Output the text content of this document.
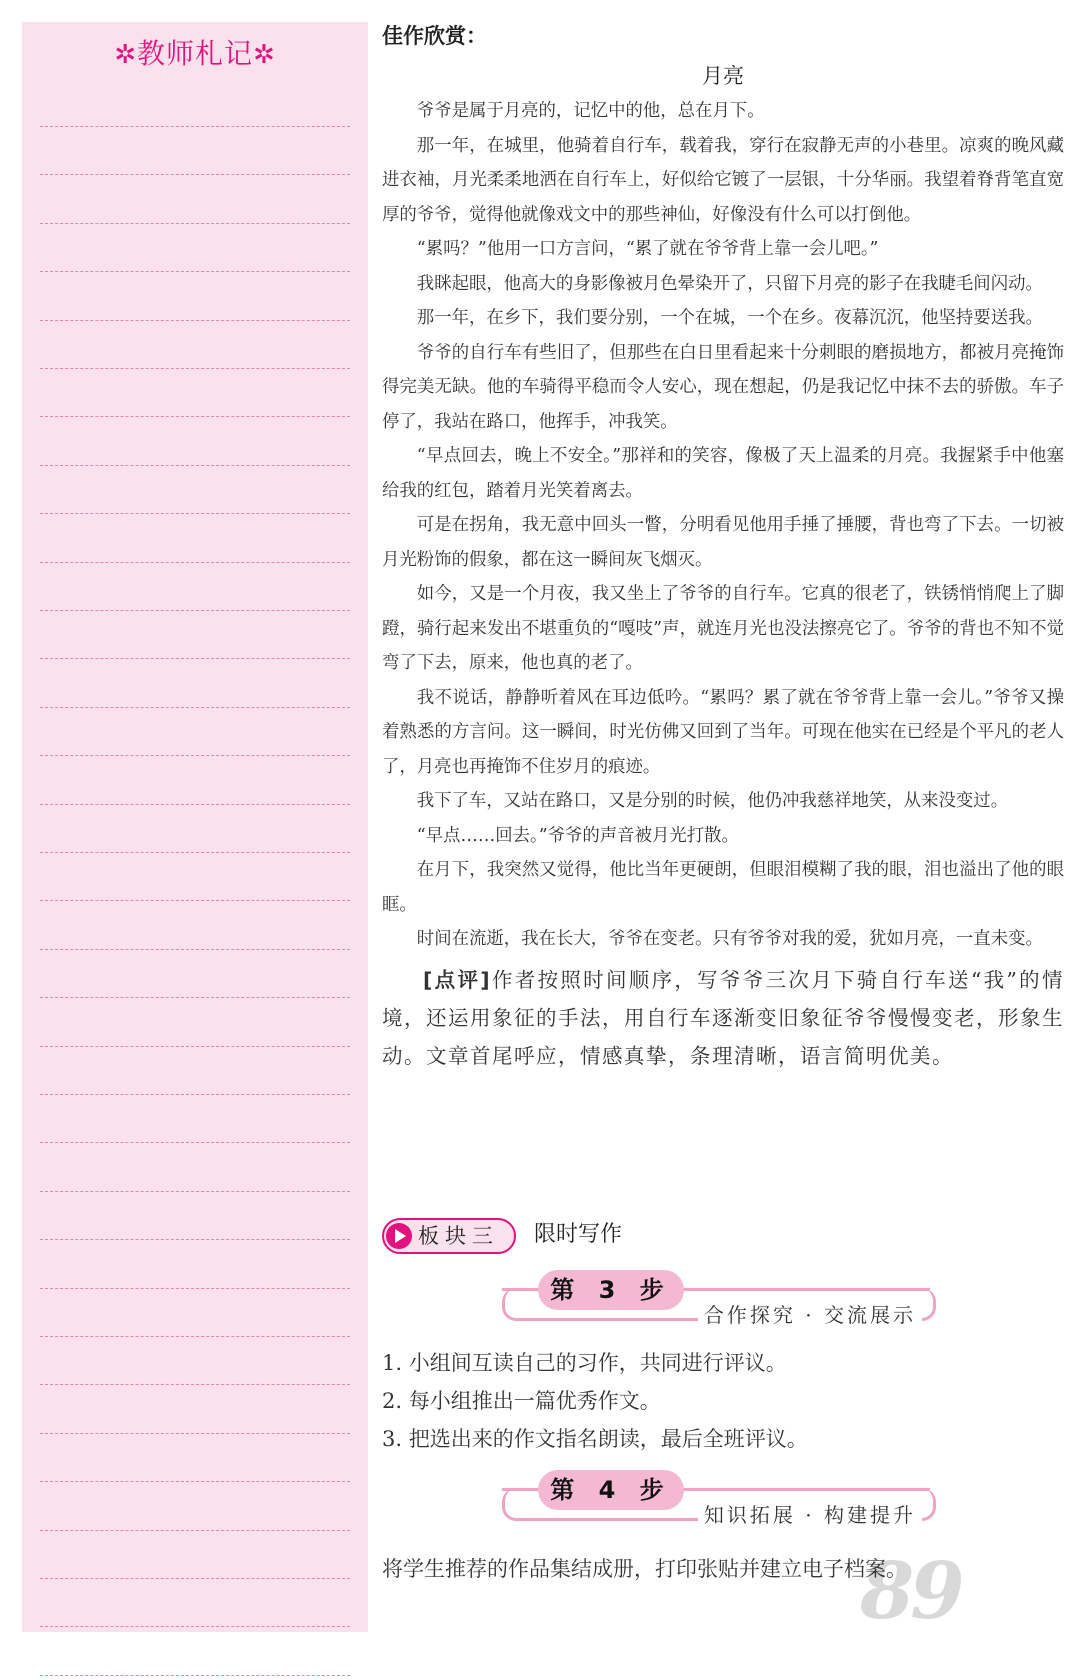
✲教师札记✲
佳作欣赏：
月亮

爷爷是属于月亮的，记忆中的他，总在月下。

那一年，在城里，他骑着自行车，载着我，穿行在寂静无声的小巷里。凉爽的晚风藏进衣袖，月光柔柔地洒在自行车上，好似给它镀了一层银，十分华丽。我望着脊背笔直宽厚的爷爷，觉得他就像戏文中的那些神仙，好像没有什么可以打倒他。

“累吗？”他用一口方言问，“累了就在爷爷背上靠一会儿吧。”

我眯起眼，他高大的身影像被月色晕染开了，只留下月亮的影子在我睫毛间闪动。

那一年，在乡下，我们要分别，一个在城，一个在乡。夜幕沉沉，他坚持要送我。

爷爷的自行车有些旧了，但那些在白日里看起来十分刺眼的磨损地方，都被月亮掩饰得完美无缺。他的车骑得平稳而令人安心，现在想起，仍是我记忆中抹不去的骄傲。车子停了，我站在路口，他挥手，冲我笑。

“早点回去，晚上不安全。”那祥和的笑容，像极了天上温柔的月亮。我握紧手中他塞给我的红包，踏着月光笑着离去。

可是在拐角，我无意中回头一瞥，分明看见他用手捶了捶腰，背也弯了下去。一切被月光粉饰的假象，都在这一瞬间灰飞烟灭。

如今，又是一个月夜，我又坐上了爷爷的自行车。它真的很老了，铁锈悄悄爬上了脚蹬，骑行起来发出不堪重负的“嘎吱”声，就连月光也没法擦亮它了。爷爷的背也不知不觉弯了下去，原来，他也真的老了。

我不说话，静静听着风在耳边低吟。“累吗？累了就在爷爷背上靠一会儿。”爷爷又操着熟悉的方言问。这一瞬间，时光仿佛又回到了当年。可现在他实在已经是个平凡的老人了，月亮也再掩饰不住岁月的痕迹。

我下了车，又站在路口，又是分别的时候，他仍冲我慈祥地笑，从来没变过。

“早点……回去。”爷爷的声音被月光打散。

在月下，我突然又觉得，他比当年更硬朗，但眼泪模糊了我的眼，泪也溢出了他的眼眶。

时间在流逝，我在长大，爷爷在变老。只有爷爷对我的爱，犹如月亮，一直未变。

[点评]作者按照时间顺序，写爷爷三次月下骑自行车送“我”的情境，还运用象征的手法，用自行车逐渐变旧象征爷爷慢慢变老，形象生动。文章首尾呼应，情感真挚，条理清晰，语言简明优美。
板块三 限时写作
第 3 步
合作探究 · 交流展示
1. 小组间互读自己的习作，共同进行评议。
2. 每小组推出一篇优秀作文。
3. 把选出来的作文指名朗读，最后全班评议。
第 4 步
知识拓展 · 构建提升
89
将学生推荐的作品集结成册，打印张贴并建立电子档案。
